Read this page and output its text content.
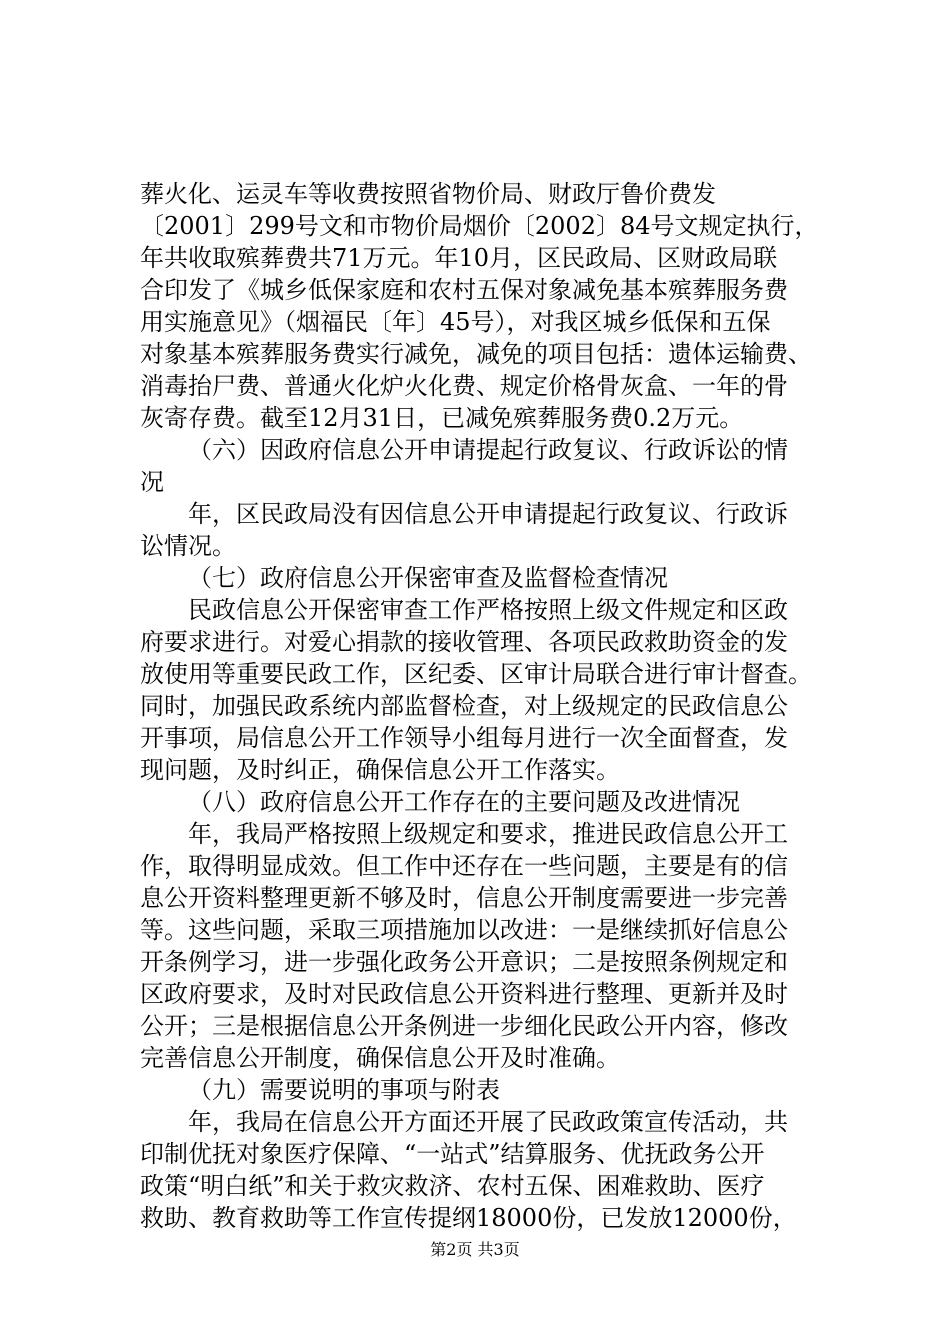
葬火化、运灵车等收费按照省物价局、财政厅鲁价费发
〔2001〕299号文和市物价局烟价〔2002〕84号文规定执行，
年共收取殡葬费共71万元。年10月，区民政局、区财政局联
合印发了《城乡低保家庭和农村五保对象减免基本殡葬服务费
用实施意见》（烟福民〔年〕45号），对我区城乡低保和五保
对象基本殡葬服务费实行减免，减免的项目包括：遗体运输费、
消毒抬尸费、普通火化炉火化费、规定价格骨灰盒、一年的骨
灰寄存费。截至12月31日，已减免殡葬服务费0.2万元。
（六）因政府信息公开申请提起行政复议、行政诉讼的情
况
年，区民政局没有因信息公开申请提起行政复议、行政诉
讼情况。
（七）政府信息公开保密审查及监督检查情况
民政信息公开保密审查工作严格按照上级文件规定和区政
府要求进行。对爱心捐款的接收管理、各项民政救助资金的发
放使用等重要民政工作，区纪委、区审计局联合进行审计督查。
同时，加强民政系统内部监督检查，对上级规定的民政信息公
开事项，局信息公开工作领导小组每月进行一次全面督查，发
现问题，及时纠正，确保信息公开工作落实。
（八）政府信息公开工作存在的主要问题及改进情况
年，我局严格按照上级规定和要求，推进民政信息公开工
作，取得明显成效。但工作中还存在一些问题，主要是有的信
息公开资料整理更新不够及时，信息公开制度需要进一步完善
等。这些问题，采取三项措施加以改进：一是继续抓好信息公
开条例学习，进一步强化政务公开意识；二是按照条例规定和
区政府要求，及时对民政信息公开资料进行整理、更新并及时
公开；三是根据信息公开条例进一步细化民政公开内容，修改
完善信息公开制度，确保信息公开及时准确。
（九）需要说明的事项与附表
年，我局在信息公开方面还开展了民政政策宣传活动，共
印制优抚对象医疗保障、“一站式”结算服务、优抚政务公开
政策“明白纸”和关于救灾救济、农村五保、困难救助、医疗
救助、教育救助等工作宣传提纲18000份，已发放12000份，
第2页 共3页
